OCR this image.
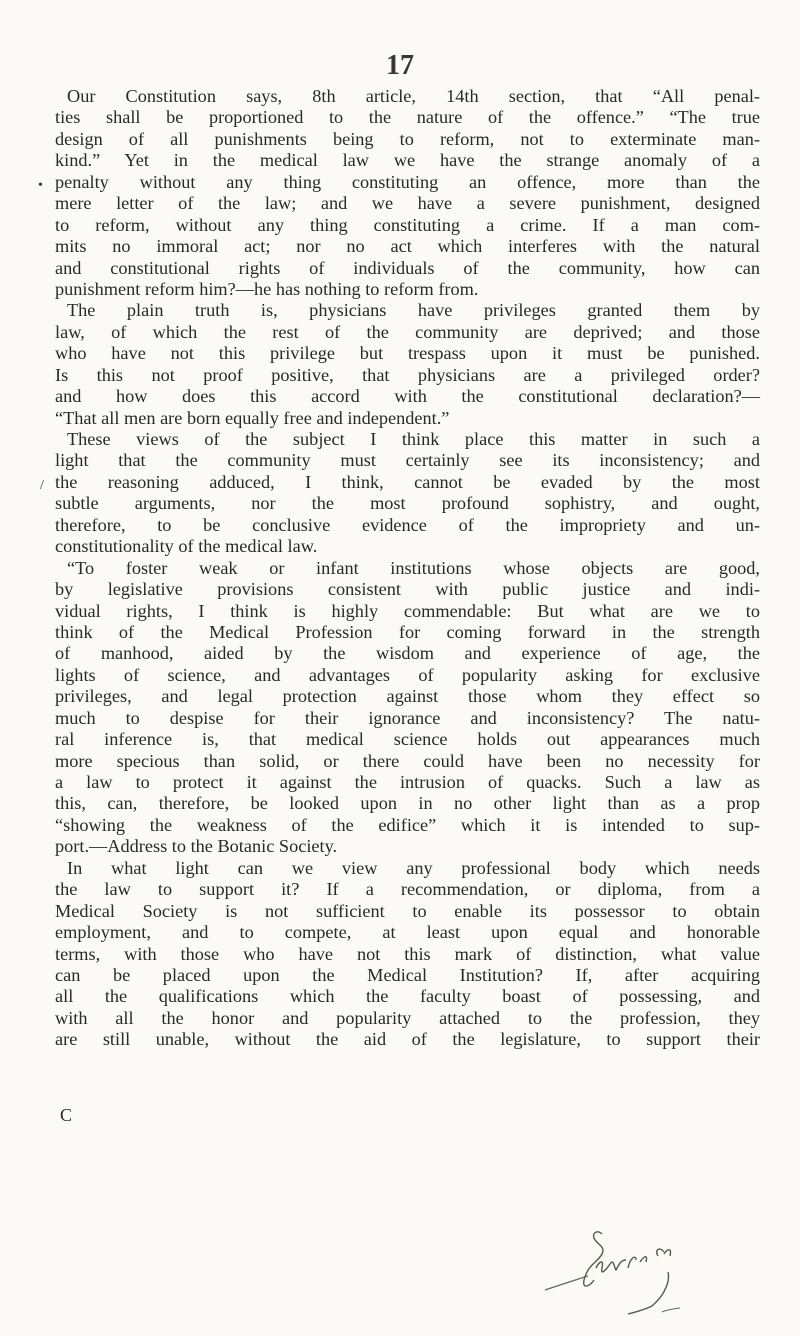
17
•
/
Our Constitution says, 8th article, 14th section, that “All penal-
ties shall be proportioned to the nature of the offence.” “The true
design of all punishments being to reform, not to exterminate man-
kind.” Yet in the medical law we have the strange anomaly of a
penalty without any thing constituting an offence, more than the
mere letter of the law; and we have a severe punishment, designed
to reform, without any thing constituting a crime. If a man com-
mits no immoral act; nor no act which interferes with the natural
and constitutional rights of individuals of the community, how can
punishment reform him?—he has nothing to reform from.
The plain truth is, physicians have privileges granted them by
law, of which the rest of the community are deprived; and those
who have not this privilege but trespass upon it must be punished.
Is this not proof positive, that physicians are a privileged order?
and how does this accord with the constitutional declaration?—
“That all men are born equally free and independent.”
These views of the subject I think place this matter in such a
light that the community must certainly see its inconsistency; and
the reasoning adduced, I think, cannot be evaded by the most
subtle arguments, nor the most profound sophistry, and ought,
therefore, to be conclusive evidence of the impropriety and un-
constitutionality of the medical law.
“To foster weak or infant institutions whose objects are good,
by legislative provisions consistent with public justice and indi-
vidual rights, I think is highly commendable: But what are we to
think of the Medical Profession for coming forward in the strength
of manhood, aided by the wisdom and experience of age, the
lights of science, and advantages of popularity asking for exclusive
privileges, and legal protection against those whom they effect so
much to despise for their ignorance and inconsistency? The natu-
ral inference is, that medical science holds out appearances much
more specious than solid, or there could have been no necessity for
a law to protect it against the intrusion of quacks. Such a law as
this, can, therefore, be looked upon in no other light than as a prop
“showing the weakness of the edifice” which it is intended to sup-
port.—Address to the Botanic Society.
In what light can we view any professional body which needs
the law to support it? If a recommendation, or diploma, from a
Medical Society is not sufficient to enable its possessor to obtain
employment, and to compete, at least upon equal and honorable
terms, with those who have not this mark of distinction, what value
can be placed upon the Medical Institution? If, after acquiring
all the qualifications which the faculty boast of possessing, and
with all the honor and popularity attached to the profession, they
are still unable, without the aid of the legislature, to support their
C
